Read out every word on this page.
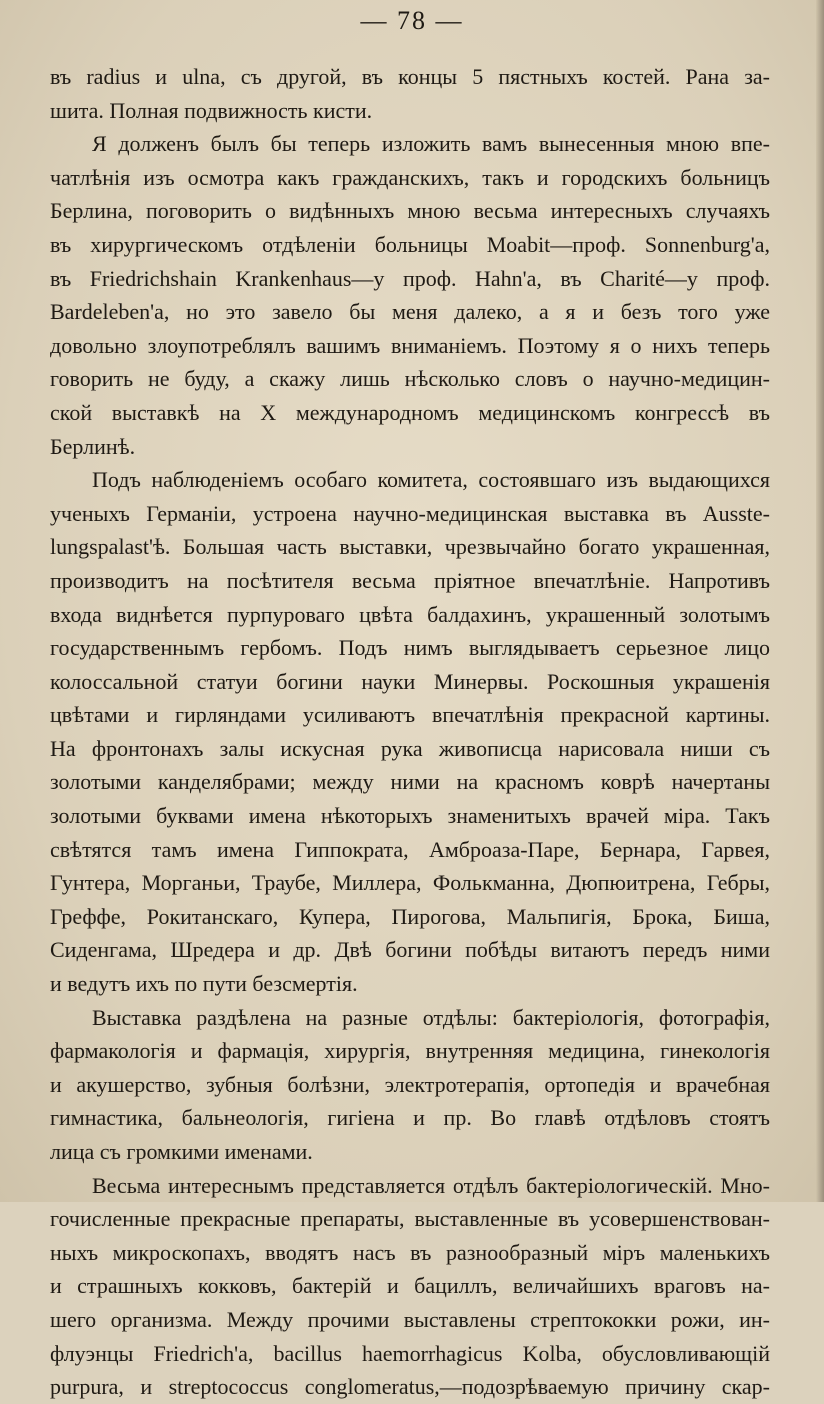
— 78 —
въ radius и ulna, съ другой, въ концы 5 пястныхъ костей. Рана за-
шита. Полная подвижность кисти.
Я долженъ былъ бы теперь изложить вамъ вынесенныя мною впе-
чатлѣнія изъ осмотра какъ гражданскихъ, такъ и городскихъ больницъ
Берлина, поговорить о видѣнныхъ мною весьма интересныхъ случаяхъ
въ хирургическомъ отдѣленіи больницы Moabit—проф. Sonnenburg'а,
въ Friedrichshain Krankenhaus—у проф. Hahn'а, въ Charité—у проф.
Bardeleben'а, но это завело бы меня далеко, а я и безъ того уже
довольно злоупотреблялъ вашимъ вниманіемъ. Поэтому я о нихъ теперь
говорить не буду, а скажу лишь нѣсколько словъ о научно-медицин-
ской выставкѣ на X международномъ медицинскомъ конгрессѣ въ
Берлинѣ.
Подъ наблюденіемъ особаго комитета, состоявшаго изъ выдающихся
ученыхъ Германіи, устроена научно-медицинская выставка въ Ausste-
lungspalast'ѣ. Большая часть выставки, чрезвычайно богато украшенная,
производитъ на посѣтителя весьма пріятное впечатлѣніе. Напротивъ
входа виднѣется пурпуроваго цвѣта балдахинъ, украшенный золотымъ
государственнымъ гербомъ. Подъ нимъ выглядываетъ серьезное лицо
колоссальной статуи богини науки Минервы. Роскошныя украшенія
цвѣтами и гирляндами усиливаютъ впечатлѣнія прекрасной картины.
На фронтонахъ залы искусная рука живописца нарисовала ниши съ
золотыми канделябрами; между ними на красномъ коврѣ начертаны
золотыми буквами имена нѣкоторыхъ знаменитыхъ врачей міра. Такъ
свѣтятся тамъ имена Гиппократа, Амброаза-Паре, Бернара, Гарвея,
Гунтера, Морганьи, Траубе, Миллера, Фолькманна, Дюпюитрена, Гебры,
Греффе, Рокитанскаго, Купера, Пирогова, Мальпигія, Брока, Биша,
Сиденгама, Шредера и др. Двѣ богини побѣды витаютъ передъ ними
и ведутъ ихъ по пути безсмертія.
Выставка раздѣлена на разные отдѣлы: бактеріологія, фотографія,
фармакологія и фармація, хирургія, внутренняя медицина, гинекологія
и акушерство, зубныя болѣзни, электротерапія, ортопедія и врачебная
гимнастика, бальнеологія, гигіена и пр. Во главѣ отдѣловъ стоятъ
лица съ громкими именами.
Весьма интереснымъ представляется отдѣлъ бактеріологическій. Мно-
гочисленные прекрасные препараты, выставленные въ усовершенствован-
ныхъ микроскопахъ, вводятъ насъ въ разнообразный міръ маленькихъ
и страшныхъ кокковъ, бактерій и бациллъ, величайшихъ враговъ на-
шего организма. Между прочими выставлены стрептококки рожи, ин-
флуэнцы Friedrich'а, bacillus haemorrhagicus Kolba, обусловливающій
purpura, и streptococcus conglomeratus,—подозрѣваемую причину скар-
